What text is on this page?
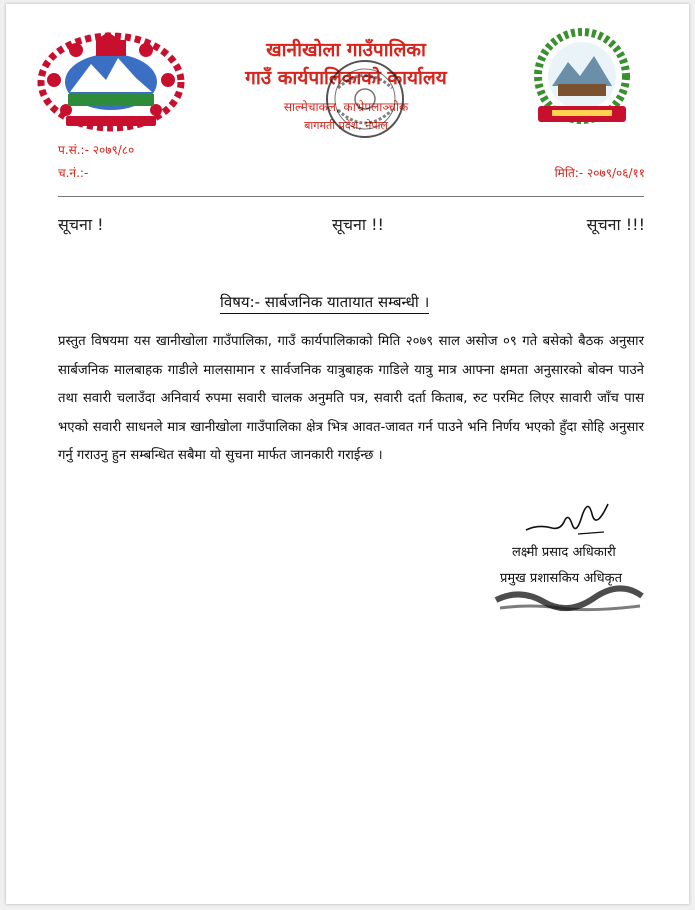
खानीखोला गाउँपालिका
गाउँ कार्यपालिकाको कार्यालय
साल्मेचाकल, काभ्रेपलाञ्चोक
बागमती प्रदेश, नेपाल
प.सं.:- २०७९/८०
च.नं.:-	मिति:- २०७९/०६/११
सूचना !	सूचना !!	सूचना !!!
विषय:- सार्बजनिक यातायात सम्बन्धी ।
प्रस्तुत विषयमा यस खानीखोला गाउँपालिका, गाउँ कार्यपालिकाको मिति २०७९ साल असोज ०९ गते बसेको बैठक अनुसार सार्बजनिक मालबाहक गाडीले मालसामान र सार्वजनिक यात्रुबाहक गाडिले यात्रु मात्र आफ्ना क्षमता अनुसारको बोक्न पाउने तथा सवारी चलाउँदा अनिवार्य रुपमा सवारी चालक अनुमति पत्र, सवारी दर्ता किताब, रुट परमिट लिएर सावारी जाँच पास भएको सवारी साधनले मात्र खानीखोला गाउँपालिका क्षेत्र भित्र आवत-जावत गर्न पाउने भनि निर्णय भएको हुँदा सोहि अनुसार गर्नु गराउनु हुन सम्बन्धित सबैमा यो सुचना मार्फत जानकारी गराईन्छ ।
लक्ष्मी प्रसाद अधिकारी
प्रमुख प्रशासकिय अधिकृत
